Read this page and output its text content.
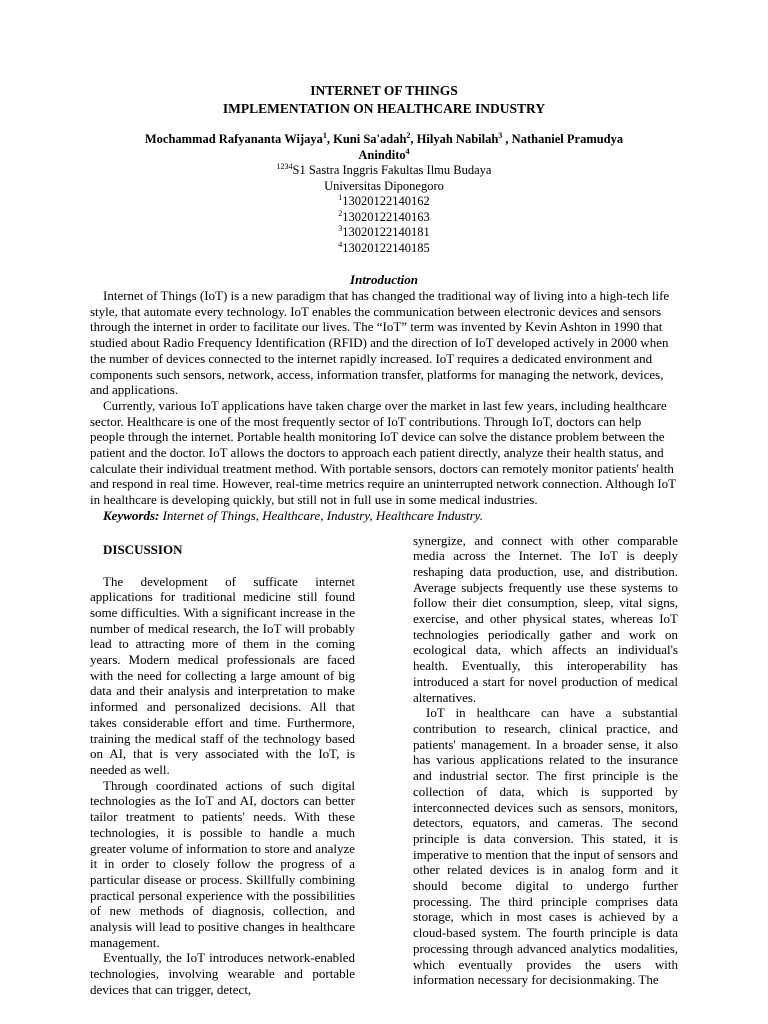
INTERNET OF THINGS
IMPLEMENTATION ON HEALTHCARE INDUSTRY
Mochammad Rafyananta Wijaya$^1$, Kuni Sa'adah$^2$, Hilyah Nabilah$^3$ , Nathaniel Pramudya Anindito$^4$
$^{1234}$S1 Sastra Inggris Fakultas Ilmu Budaya
Universitas Diponegoro
$^1$13020122140162
$^2$13020122140163
$^3$13020122140181
$^4$13020122140185
Introduction

Internet of Things (IoT) is a new paradigm that has changed the traditional way of living into a high-tech life style, that automate every technology. IoT enables the communication between electronic devices and sensors through the internet in order to facilitate our lives. The “IoT” term was invented by Kevin Ashton in 1990 that studied about Radio Frequency Identification (RFID) and the direction of IoT developed actively in 2000 when the number of devices connected to the internet rapidly increased. IoT requires a dedicated environment and components such sensors, network, access, information transfer, platforms for managing the network, devices, and applications.

Currently, various IoT applications have taken charge over the market in last few years, including healthcare sector. Healthcare is one of the most frequently sector of IoT contributions. Through IoT, doctors can help people through the internet. Portable health monitoring IoT device can solve the distance problem between the patient and the doctor. IoT allows the doctors to approach each patient directly, analyze their health status, and calculate their individual treatment method. With portable sensors, doctors can remotely monitor patients' health and respond in real time. However, real-time metrics require an uninterrupted network connection. Although IoT in healthcare is developing quickly, but still not in full use in some medical industries.

Keywords: Internet of Things, Healthcare, Industry, Healthcare Industry.
DISCUSSION

The development of sufficate internet applications for traditional medicine still found some difficulties. With a significant increase in the number of medical research, the IoT will probably lead to attracting more of them in the coming years. Modern medical professionals are faced with the need for collecting a large amount of big data and their analysis and interpretation to make informed and personalized decisions. All that takes considerable effort and time. Furthermore, training the medical staff of the technology based on AI, that is very associated with the IoT, is needed as well.

Through coordinated actions of such digital technologies as the IoT and AI, doctors can better tailor treatment to patients' needs. With these technologies, it is possible to handle a much greater volume of information to store and analyze it in order to closely follow the progress of a particular disease or process. Skillfully combining practical personal experience with the possibilities of new methods of diagnosis, collection, and analysis will lead to positive changes in healthcare management.

Eventually, the IoT introduces network-enabled technologies, involving wearable and portable devices that can trigger, detect,

synergize, and connect with other comparable media across the Internet. The IoT is deeply reshaping data production, use, and distribution. Average subjects frequently use these systems to follow their diet consumption, sleep, vital signs, exercise, and other physical states, whereas IoT technologies periodically gather and work on ecological data, which affects an individual's health. Eventually, this interoperability has introduced a start for novel production of medical alternatives.

IoT in healthcare can have a substantial contribution to research, clinical practice, and patients' management. In a broader sense, it also has various applications related to the insurance and industrial sector. The first principle is the collection of data, which is supported by interconnected devices such as sensors, monitors, detectors, equators, and cameras. The second principle is data conversion. This stated, it is imperative to mention that the input of sensors and other related devices is in analog form and it should become digital to undergo further processing. The third principle comprises data storage, which in most cases is achieved by a cloud-based system. The fourth principle is data processing through advanced analytics modalities, which eventually provides the users with information necessary for decisionmaking. The
